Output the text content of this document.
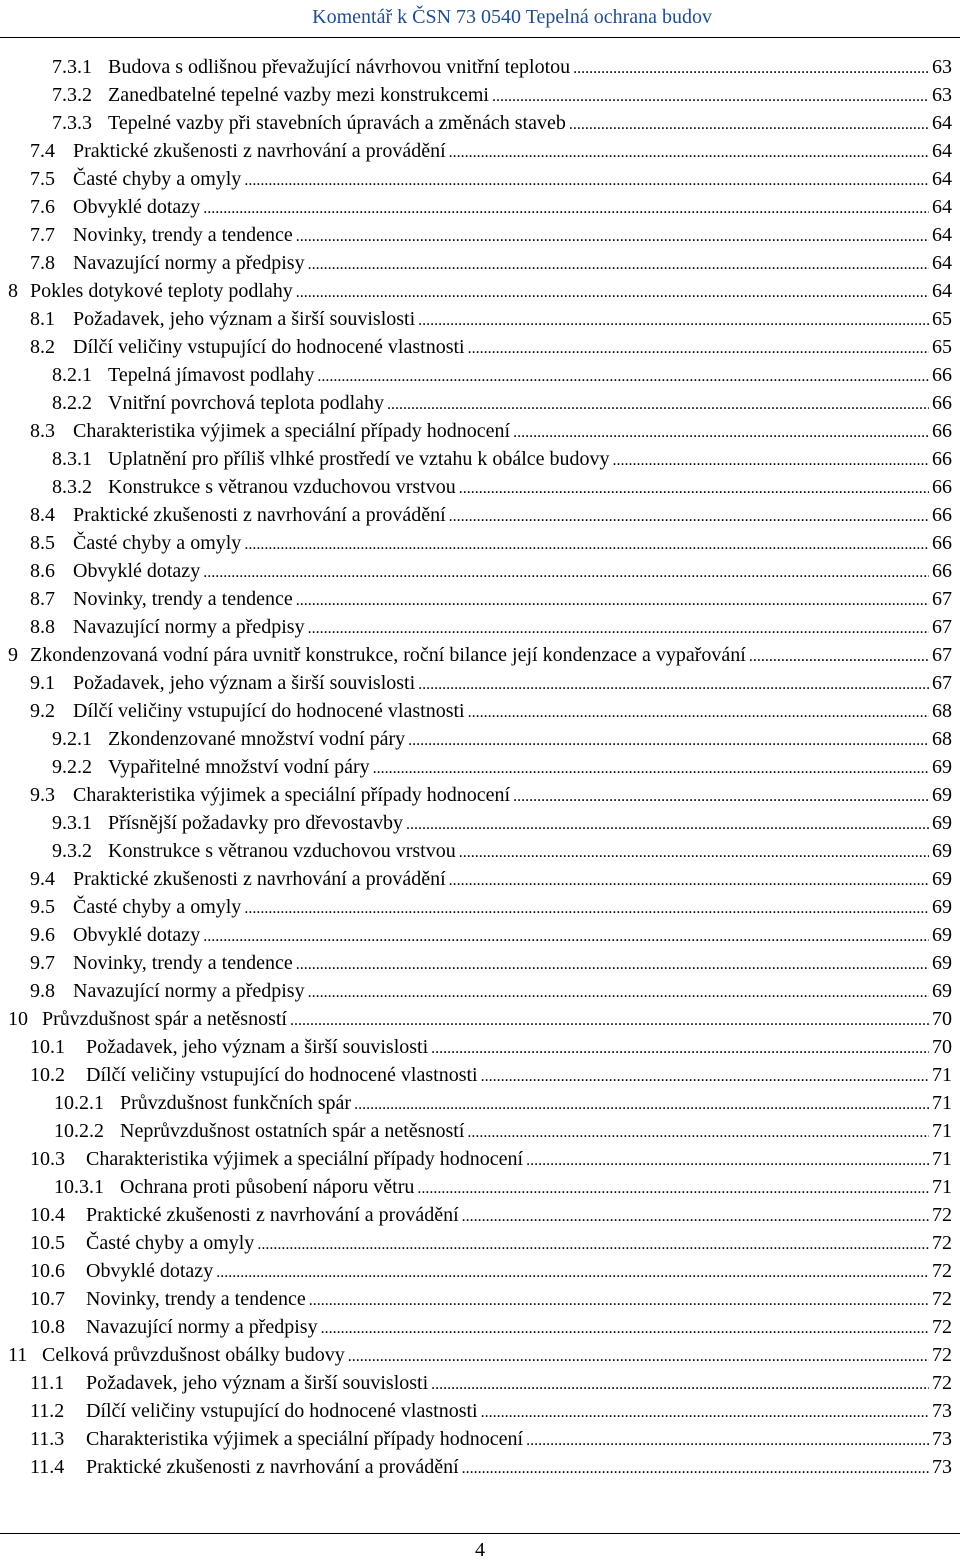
Komentář k ČSN 73 0540 Tepelná ochrana budov
7.3.1 Budova s odlišnou převažující návrhovou vnitřní teplotou .....	63
7.3.2 Zanedbatelné tepelné vazby mezi konstrukcemi .....	63
7.3.3 Tepelné vazby při stavebních úpravách a změnách staveb .....	64
7.4 Praktické zkušenosti z navrhování a provádění .....	64
7.5 Časté chyby a omyly .....	64
7.6 Obvyklé dotazy .....	64
7.7 Novinky, trendy a tendence .....	64
7.8 Navazující normy a předpisy .....	64
8 Pokles dotykové teploty podlahy .....	64
8.1 Požadavek, jeho význam a širší souvislosti .....	65
8.2 Dílčí veličiny vstupující do hodnocené vlastnosti .....	65
8.2.1 Tepelná jímavost podlahy .....	66
8.2.2 Vnitřní povrchová teplota podlahy .....	66
8.3 Charakteristika výjimek a speciální případy hodnocení .....	66
8.3.1 Uplatnění pro příliš vlhké prostředí ve vztahu k obálce budovy .....	66
8.3.2 Konstrukce s větranou vzduchovou vrstvou .....	66
8.4 Praktické zkušenosti z navrhování a provádění .....	66
8.5 Časté chyby a omyly .....	66
8.6 Obvyklé dotazy .....	66
8.7 Novinky, trendy a tendence .....	67
8.8 Navazující normy a předpisy .....	67
9 Zkondenzovaná vodní pára uvnitř konstrukce, roční bilance její kondenzace a vypařování .....	67
9.1 Požadavek, jeho význam a širší souvislosti .....	67
9.2 Dílčí veličiny vstupující do hodnocené vlastnosti .....	68
9.2.1 Zkondenzované množství vodní páry .....	68
9.2.2 Vypařitelné množství vodní páry .....	69
9.3 Charakteristika výjimek a speciální případy hodnocení .....	69
9.3.1 Přísnější požadavky pro dřevostavby .....	69
9.3.2 Konstrukce s větranou vzduchovou vrstvou .....	69
9.4 Praktické zkušenosti z navrhování a provádění .....	69
9.5 Časté chyby a omyly .....	69
9.6 Obvyklé dotazy .....	69
9.7 Novinky, trendy a tendence .....	69
9.8 Navazující normy a předpisy .....	69
10 Průvzdušnost spár a netěsností .....	70
10.1	Požadavek, jeho význam a širší souvislosti .....	70
10.2	Dílčí veličiny vstupující do hodnocené vlastnosti .....	71
10.2.1 Průvzdušnost funkčních spár .....	71
10.2.2 Neprůvzdušnost ostatních spár a netěsností .....	71
10.3	Charakteristika výjimek a speciální případy hodnocení .....	71
10.3.1 Ochrana proti působení náporu větru .....	71
10.4	Praktické zkušenosti z navrhování a provádění .....	72
10.5	Časté chyby a omyly .....	72
10.6	Obvyklé dotazy .....	72
10.7	Novinky, trendy a tendence .....	72
10.8	Navazující normy a předpisy .....	72
11 Celková průvzdušnost obálky budovy .....	72
11.1	Požadavek, jeho význam a širší souvislosti .....	72
11.2	Dílčí veličiny vstupující do hodnocené vlastnosti .....	73
11.3	Charakteristika výjimek a speciální případy hodnocení .....	73
11.4	Praktické zkušenosti z navrhování a provádění .....	73
4
